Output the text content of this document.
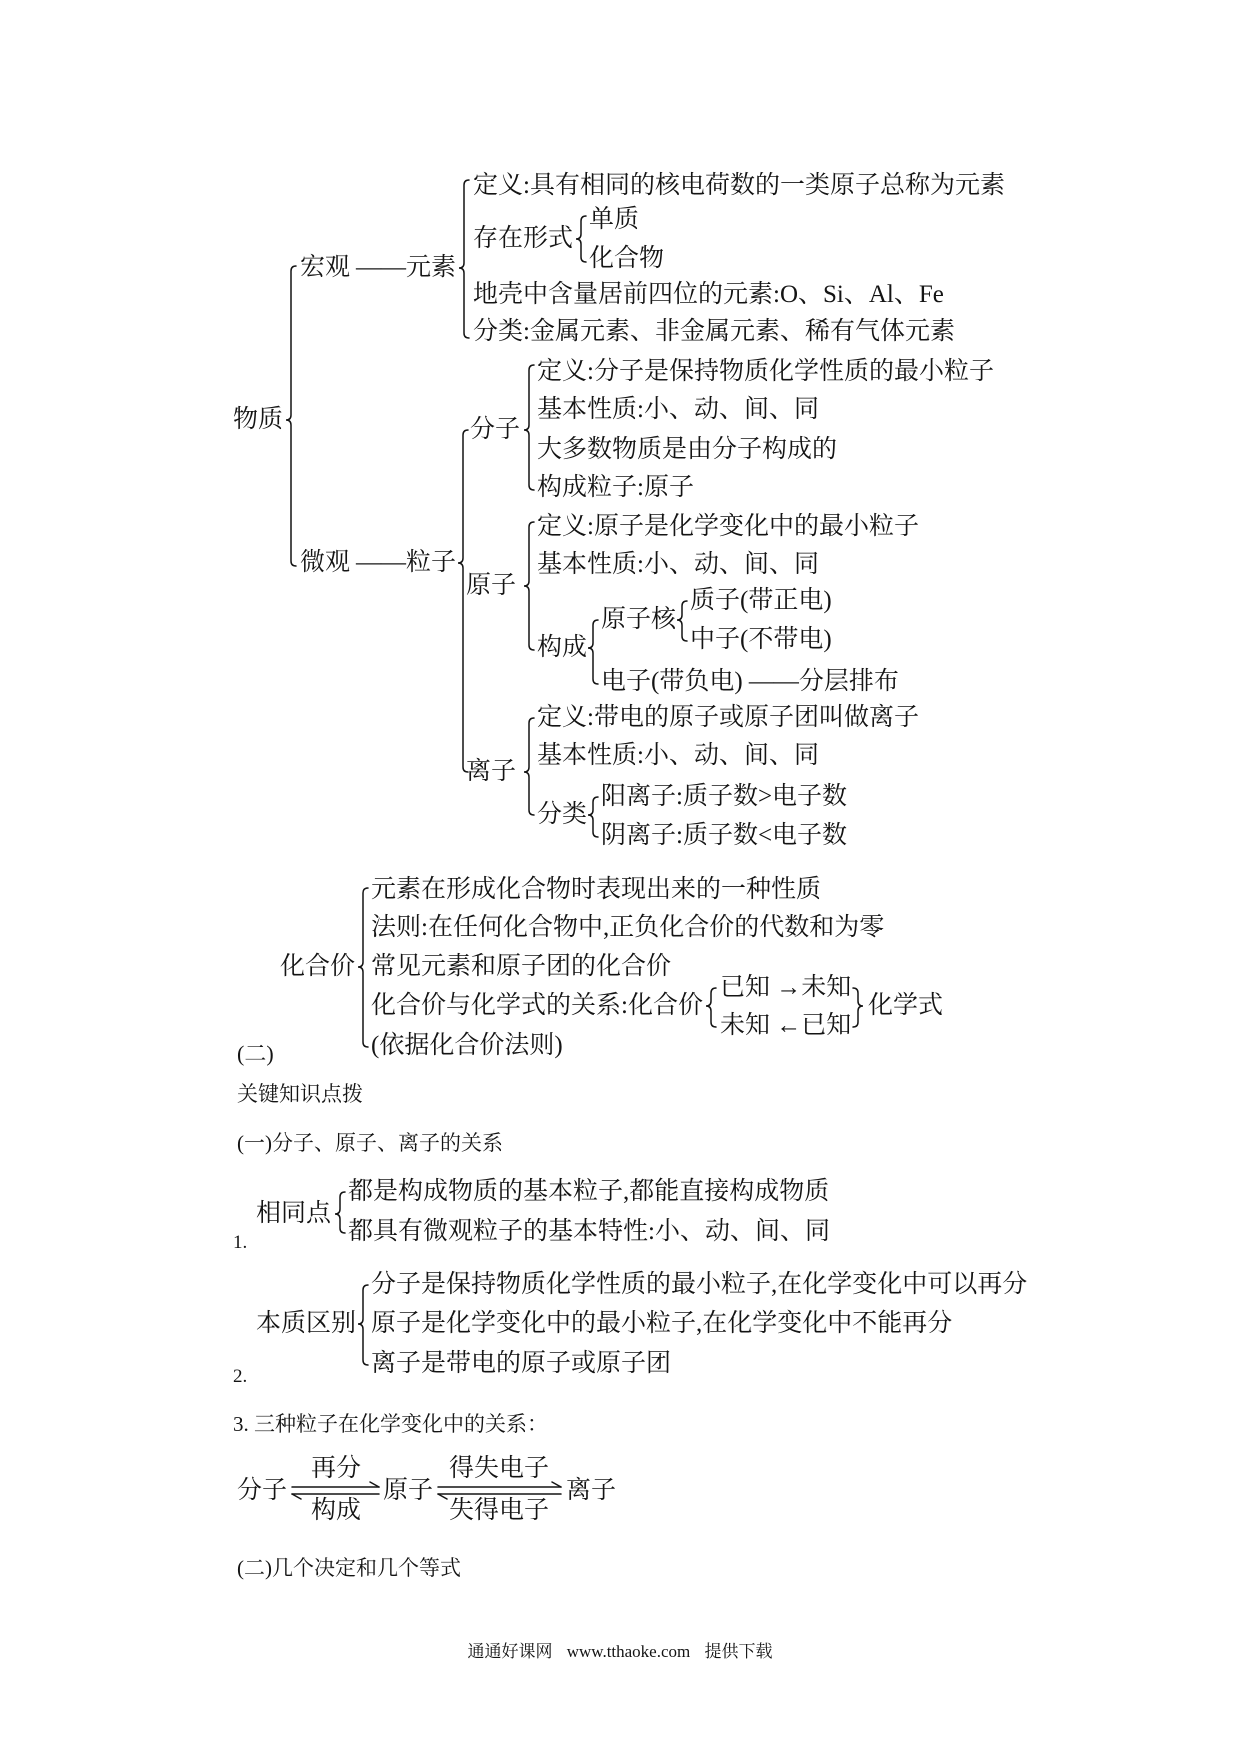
物质
宏观 ——元素
定义:具有相同的核电荷数的一类原子总称为元素
存在形式
单质
化合物
地壳中含量居前四位的元素:O、Si、Al、Fe
分类:金属元素、非金属元素、稀有气体元素
微观 ——粒子
分子
定义:分子是保持物质化学性质的最小粒子
基本性质:小、动、间、同
大多数物质是由分子构成的
构成粒子:原子
原子
定义:原子是化学变化中的最小粒子
基本性质:小、动、间、同
构成
原子核
质子(带正电)
中子(不带电)
电子(带负电) ——分层排布
离子
定义:带电的原子或原子团叫做离子
基本性质:小、动、间、同
分类
阳离子:质子数>电子数
阴离子:质子数<电子数
化合价
元素在形成化合物时表现出来的一种性质
法则:在任何化合物中,正负化合价的代数和为零
常见元素和原子团的化合价
化合价与化学式的关系:化合价
(依据化合价法则)
已知 →未知
未知 ←已知
化学式
(二)
关键知识点拨
(一)分子、原子、离子的关系
相同点
都是构成物质的基本粒子,都能直接构成物质
都具有微观粒子的基本特性:小、动、间、同
1.
本质区别
分子是保持物质化学性质的最小粒子,在化学变化中可以再分
原子是化学变化中的最小粒子,在化学变化中不能再分
离子是带电的原子或原子团
2.
3. 三种粒子在化学变化中的关系：
分子
再分
构成
原子
得失电子
失得电子
离子
(二)几个决定和几个等式
通通好课网 www.tthaoke.com 提供下载
